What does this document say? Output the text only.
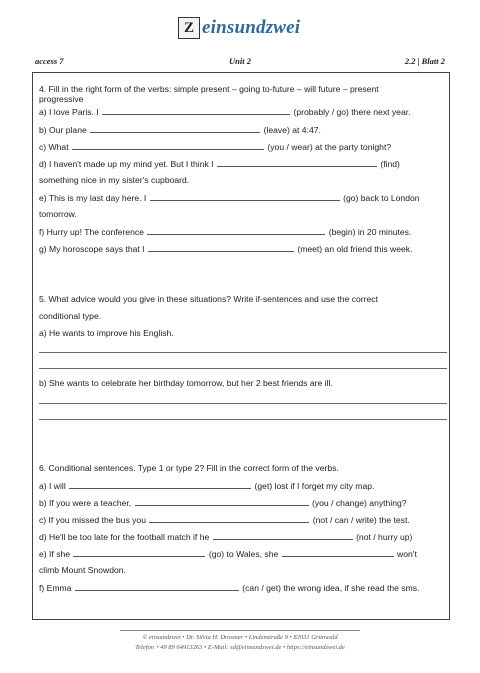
Z einsundzwei
access 7	Unit 2	2.2 | Blatt 2
4. Fill in the right form of the verbs: simple present – going to-future – will future – present
progressive
a) I love Paris. I	(probably / go) there next year.
b) Our plane	(leave) at 4:47.
c) What	(you / wear) at the party tonight?
d) I haven't made up my mind yet. But I think I	(find)
something nice in my sister's cupboard.
e) This is my last day here. I	(go) back to London
tomorrow.
f) Hurry up! The conference	(begin) in 20 minutes.
g) My horoscope says that I	(meet) an old friend this week.
5. What advice would you give in these situations? Write if-sentences and use the correct
conditional type.
a) He wants to improve his English.
b) She wants to celebrate her birthday tomorrow, but her 2 best friends are ill.
6. Conditional sentences. Type 1 or type 2? Fill in the correct form of the verbs.
a) I will	(get) lost if I forget my city map.
b) If you were a teacher,	(you / change) anything?
c) If you missed the bus you	(not / can / write) the test.
d) He'll be too late for the football match if he	(not / hurry up)
e) If she	(go) to Wales, she	won't
climb Mount Snowdon.
f) Emma	(can / get) the wrong idea, if she read the sms.
© einsundzwei • Dr. Silvia H. Drosmer • Lindenstraße 9 • 82031 Grünwald
Telefon +49 89 64913263 • E-Mail: sd@einsundzwei.de • https://einsundzwei.de
